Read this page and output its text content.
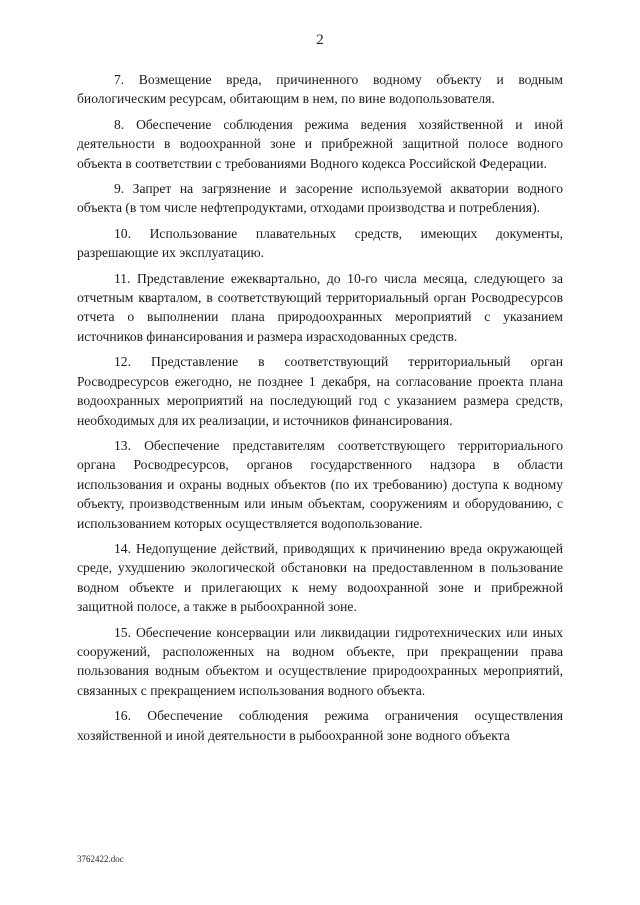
2

7. Возмещение вреда, причиненного водному объекту и водным биологическим ресурсам, обитающим в нем, по вине водопользователя.

8. Обеспечение соблюдения режима ведения хозяйственной и иной деятельности в водоохранной зоне и прибрежной защитной полосе водного объекта в соответствии с требованиями Водного кодекса Российской Федерации.

9. Запрет на загрязнение и засорение используемой акватории водного объекта (в том числе нефтепродуктами, отходами производства и потребления).

10. Использование плавательных средств, имеющих документы, разрешающие их эксплуатацию.

11. Представление ежеквартально, до 10-го числа месяца, следующего за отчетным кварталом, в соответствующий территориальный орган Росводресурсов отчета о выполнении плана природоохранных мероприятий с указанием источников финансирования и размера израсходованных средств.

12. Представление в соответствующий территориальный орган Росводресурсов ежегодно, не позднее 1 декабря, на согласование проекта плана водоохранных мероприятий на последующий год с указанием размера средств, необходимых для их реализации, и источников финансирования.

13. Обеспечение представителям соответствующего территориального органа Росводресурсов, органов государственного надзора в области использования и охраны водных объектов (по их требованию) доступа к водному объекту, производственным или иным объектам, сооружениям и оборудованию, с использованием которых осуществляется водопользование.

14. Недопущение действий, приводящих к причинению вреда окружающей среде, ухудшению экологической обстановки на предоставленном в пользование водном объекте и прилегающих к нему водоохранной зоне и прибрежной защитной полосе, а также в рыбоохранной зоне.

15. Обеспечение консервации или ликвидации гидротехнических или иных сооружений, расположенных на водном объекте, при прекращении права пользования водным объектом и осуществление природоохранных мероприятий, связанных с прекращением использования водного объекта.

16. Обеспечение соблюдения режима ограничения осуществления хозяйственной и иной деятельности в рыбоохранной зоне водного объекта

3762422.doc
